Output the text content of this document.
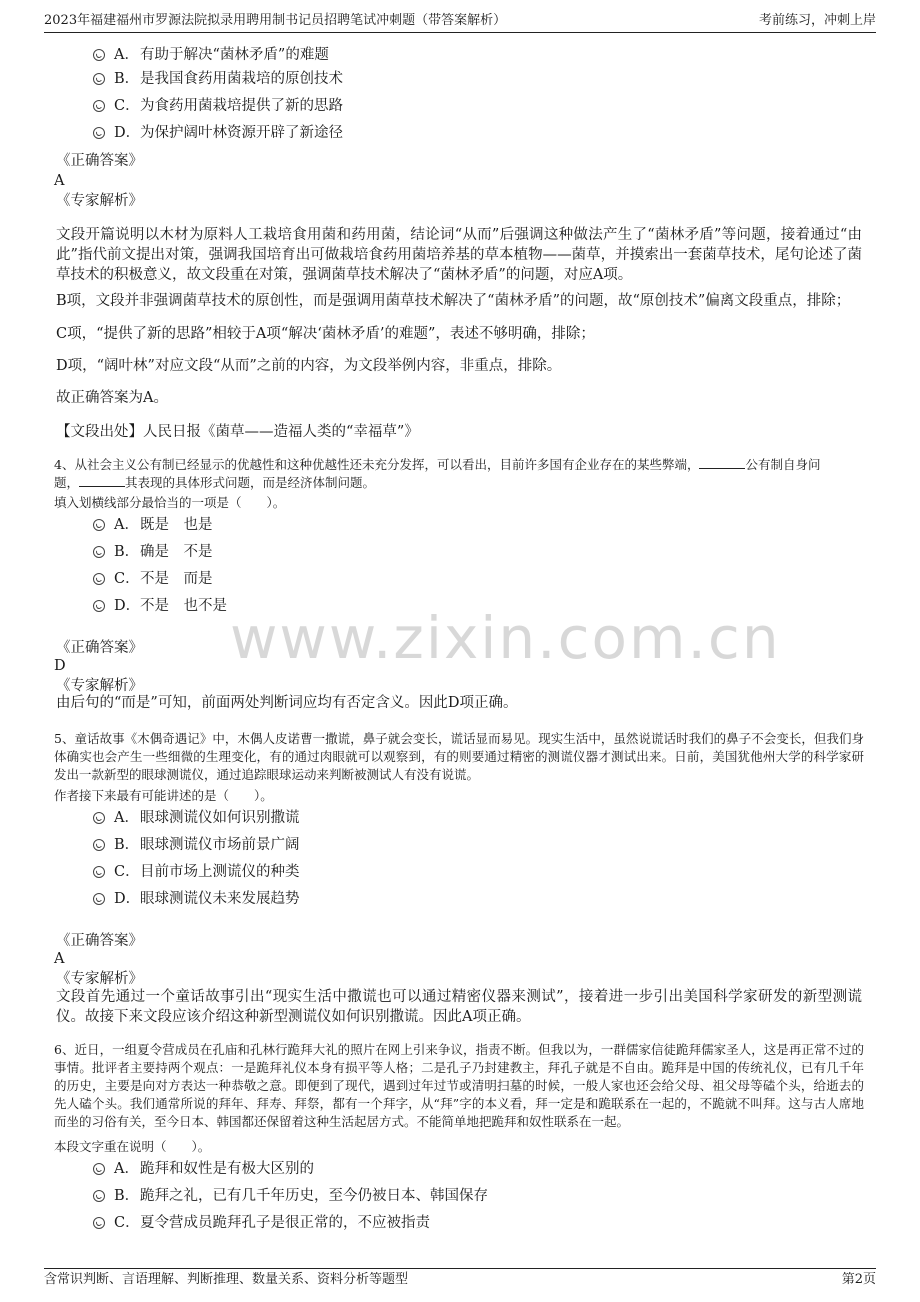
2023年福建福州市罗源法院拟录用聘用制书记员招聘笔试冲刺题（带答案解析）	考前练习，冲刺上岸
www.zixin.com.cn
A．有助于解决“菌林矛盾”的难题
B．是我国食药用菌栽培的原创技术
C．为食药用菌栽培提供了新的思路
D．为保护阔叶林资源开辟了新途径
《正确答案》
A
《专家解析》
文段开篇说明以木材为原料人工栽培食用菌和药用菌，结论词“从而”后强调这种做法产生了“菌林矛盾”等问题，接着通过“由此”指代前文提出对策，强调我国培育出可做栽培食药用菌培养基的草本植物——菌草，并摸索出一套菌草技术，尾句论述了菌草技术的积极意义，故文段重在对策，强调菌草技术解决了“菌林矛盾”的问题，对应A项。
B项，文段并非强调菌草技术的原创性，而是强调用菌草技术解决了“菌林矛盾”的问题，故“原创技术”偏离文段重点，排除；
C项，“提供了新的思路”相较于A项“解决‘菌林矛盾’的难题”，表述不够明确，排除；
D项，“阔叶林”对应文段“从而”之前的内容，为文段举例内容，非重点，排除。
故正确答案为A。
【文段出处】人民日报《菌草——造福人类的“幸福草”》
4、从社会主义公有制已经显示的优越性和这种优越性还未充分发挥，可以看出，目前许多国有企业存在的某些弊端，	公有制自身问
题，	其表现的具体形式问题，而是经济体制问题。
填入划横线部分最恰当的一项是（　　）。
A．既是　也是
B．确是　不是
C．不是　而是
D．不是　也不是
《正确答案》
D
《专家解析》
由后句的“而是”可知，前面两处判断词应均有否定含义。因此D项正确。
5、童话故事《木偶奇遇记》中，木偶人皮诺曹一撒谎，鼻子就会变长，谎话显而易见。现实生活中，虽然说谎话时我们的鼻子不会变长，但我们身体确实也会产生一些细微的生理变化，有的通过肉眼就可以观察到，有的则要通过精密的测谎仪器才测试出来。日前，美国犹他州大学的科学家研发出一款新型的眼球测谎仪，通过追踪眼球运动来判断被测试人有没有说谎。
作者接下来最有可能讲述的是（　　）。
A．眼球测谎仪如何识别撒谎
B．眼球测谎仪市场前景广阔
C．目前市场上测谎仪的种类
D．眼球测谎仪未来发展趋势
《正确答案》
A
《专家解析》
文段首先通过一个童话故事引出“现实生活中撒谎也可以通过精密仪器来测试”，接着进一步引出美国科学家研发的新型测谎仪。故接下来文段应该介绍这种新型测谎仪如何识别撒谎。因此A项正确。
6、近日，一组夏令营成员在孔庙和孔林行跪拜大礼的照片在网上引来争议，指责不断。但我以为，一群儒家信徒跪拜儒家圣人，这是再正常不过的事情。批评者主要持两个观点：一是跪拜礼仪本身有损平等人格；二是孔子乃封建教主，拜孔子就是不自由。跪拜是中国的传统礼仪，已有几千年的历史，主要是向对方表达一种恭敬之意。即便到了现代，遇到过年过节或清明扫墓的时候，一般人家也还会给父母、祖父母等磕个头，给逝去的先人磕个头。我们通常所说的拜年、拜寿、拜祭，都有一个拜字，从“拜”字的本义看，拜一定是和跪联系在一起的，不跪就不叫拜。这与古人席地而坐的习俗有关，至今日本、韩国都还保留着这种生活起居方式。不能简单地把跪拜和奴性联系在一起。
本段文字重在说明（　　）。
A．跪拜和奴性是有极大区别的
B．跪拜之礼，已有几千年历史，至今仍被日本、韩国保存
C．夏令营成员跪拜孔子是很正常的，不应被指责
含常识判断、言语理解、判断推理、数量关系、资料分析等题型	第2页
